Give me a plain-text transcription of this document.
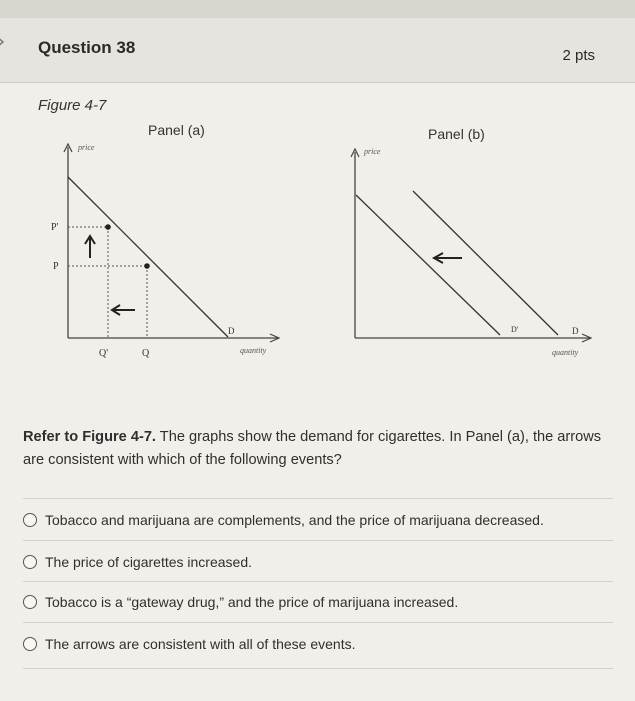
Question 38	2 pts
Figure 4-7
Panel (a)	Panel (b)
price
quantity
D
P'
P
Q'	Q
price
quantity
D'	D
Refer to Figure 4-7. The graphs show the demand for cigarettes. In Panel (a), the arrows are consistent with which of the following events?
Tobacco and marijuana are complements, and the price of marijuana decreased.
The price of cigarettes increased.
Tobacco is a “gateway drug,” and the price of marijuana increased.
The arrows are consistent with all of these events.
